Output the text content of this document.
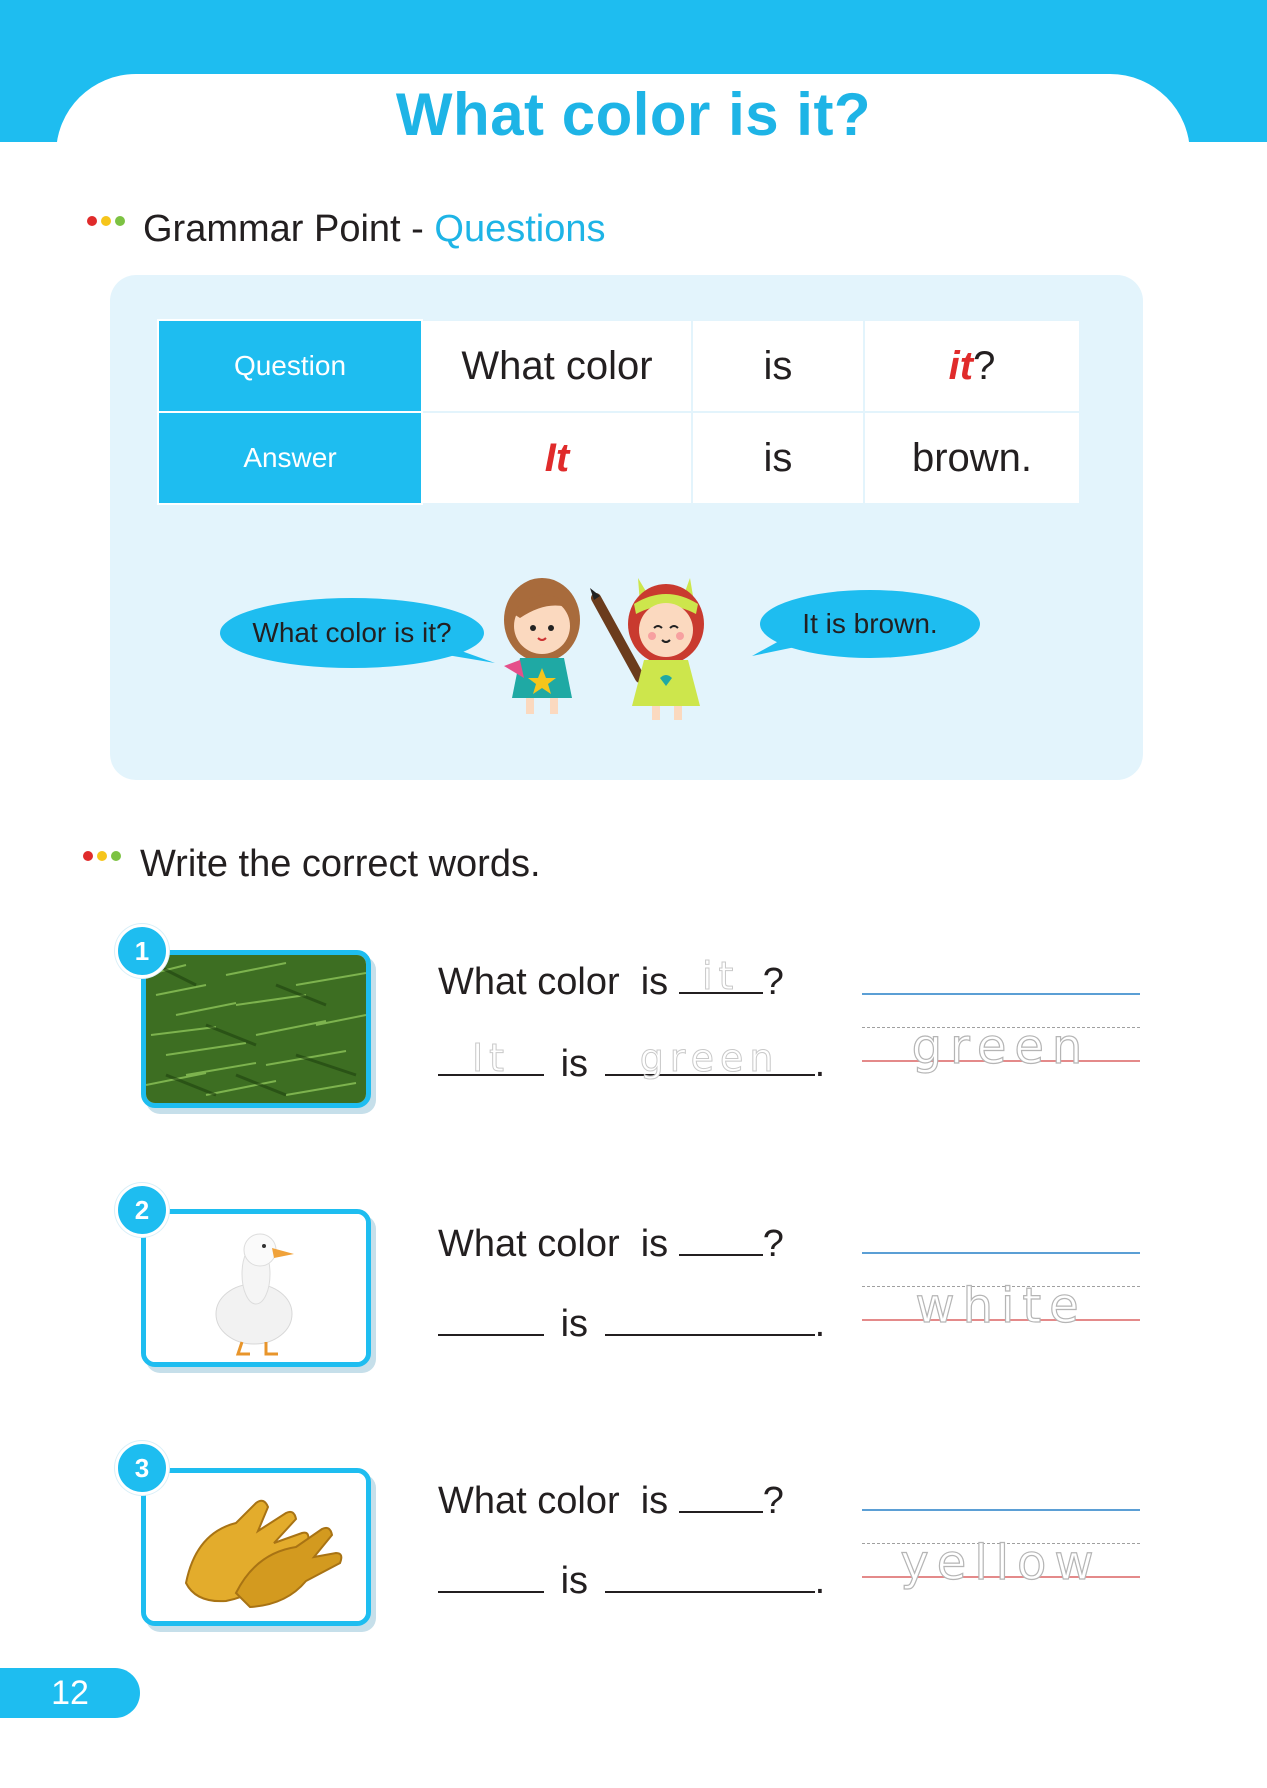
What color is it?
Grammar Point - Questions
Question	What color	is	it?
Answer	It	is	brown.
What color is it?	It is brown.
Write the correct words.
1
What color  is it ?
It	is	green .	green
2
What color  is ?
is	.	white
3
What color  is ?
is	.	yellow
12
